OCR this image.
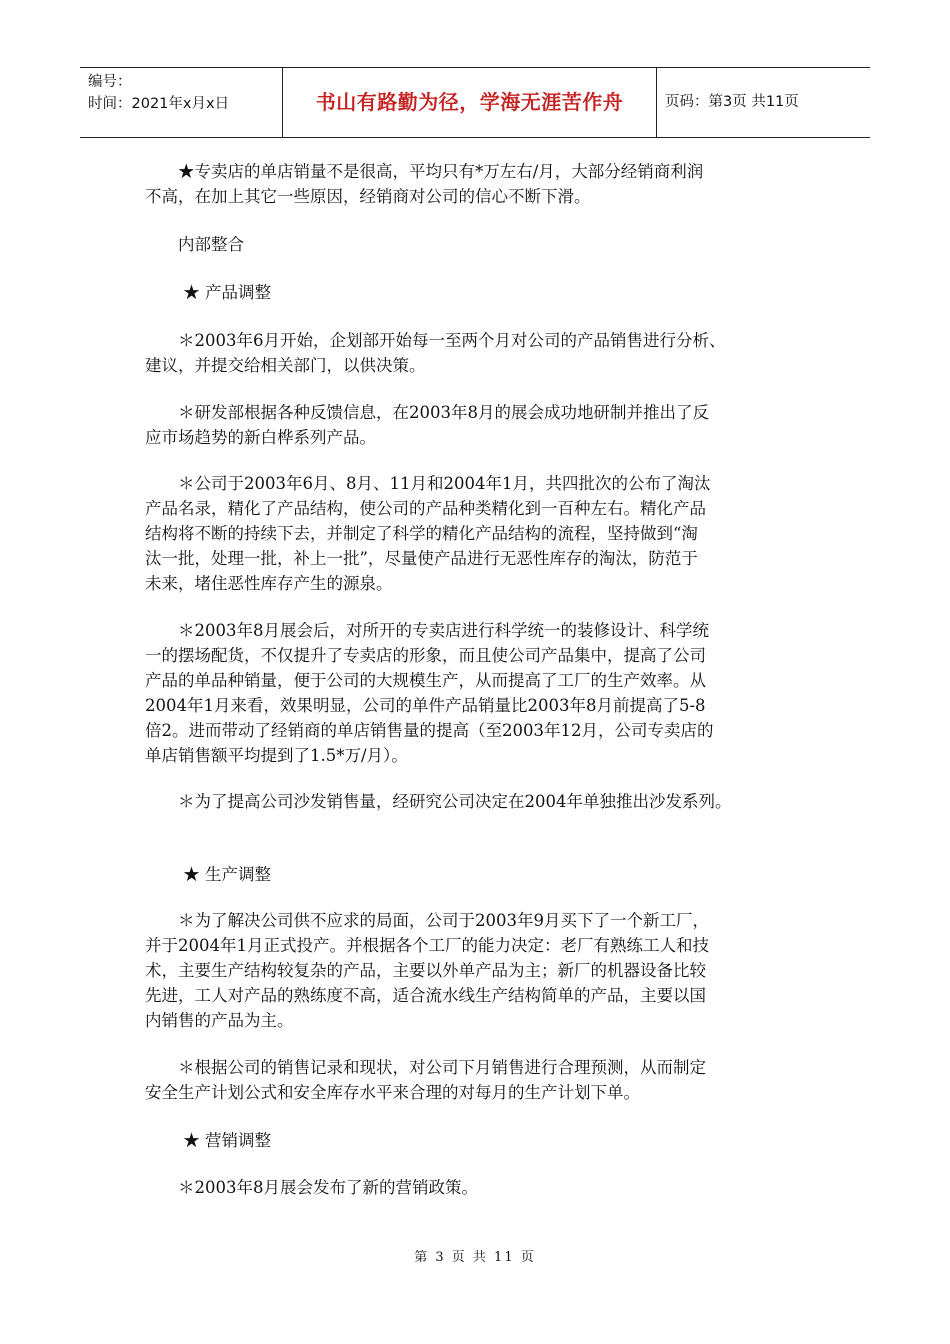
编号：
时间：2021年x月x日	书山有路勤为径，学海无涯苦作舟	页码：第3页 共11页
　　★专卖店的单店销量不是很高，平均只有*万左右/月，大部分经销商利润
不高，在加上其它一些原因，经销商对公司的信心不断下滑。
　　内部整合
　　 ★ 产品调整
　　＊2003年6月开始，企划部开始每一至两个月对公司的产品销售进行分析、
建议，并提交给相关部门，以供决策。
　　＊研发部根据各种反馈信息，在2003年8月的展会成功地研制并推出了反
应市场趋势的新白桦系列产品。
　　＊公司于2003年6月、8月、11月和2004年1月，共四批次的公布了淘汰
产品名录，精化了产品结构，使公司的产品种类精化到一百种左右。精化产品
结构将不断的持续下去，并制定了科学的精化产品结构的流程，坚持做到“淘
汰一批，处理一批，补上一批”，尽量使产品进行无恶性库存的淘汰，防范于
未来，堵住恶性库存产生的源泉。
　　＊2003年8月展会后，对所开的专卖店进行科学统一的装修设计、科学统
一的摆场配货，不仅提升了专卖店的形象，而且使公司产品集中，提高了公司
产品的单品种销量，便于公司的大规模生产，从而提高了工厂的生产效率。从
2004年1月来看，效果明显，公司的单件产品销量比2003年8月前提高了5-8
倍2。进而带动了经销商的单店销售量的提高（至2003年12月，公司专卖店的
单店销售额平均提到了1.5*万/月）。
　　＊为了提高公司沙发销售量，经研究公司决定在2004年单独推出沙发系列。
　　 ★ 生产调整
　　＊为了解决公司供不应求的局面，公司于2003年9月买下了一个新工厂，
并于2004年1月正式投产。并根据各个工厂的能力决定：老厂有熟练工人和技
术，主要生产结构较复杂的产品，主要以外单产品为主；新厂的机器设备比较
先进，工人对产品的熟练度不高，适合流水线生产结构简单的产品，主要以国
内销售的产品为主。
　　＊根据公司的销售记录和现状，对公司下月销售进行合理预测，从而制定
安全生产计划公式和安全库存水平来合理的对每月的生产计划下单。
　　 ★ 营销调整
　　＊2003年8月展会发布了新的营销政策。
第 3 页 共 11 页
